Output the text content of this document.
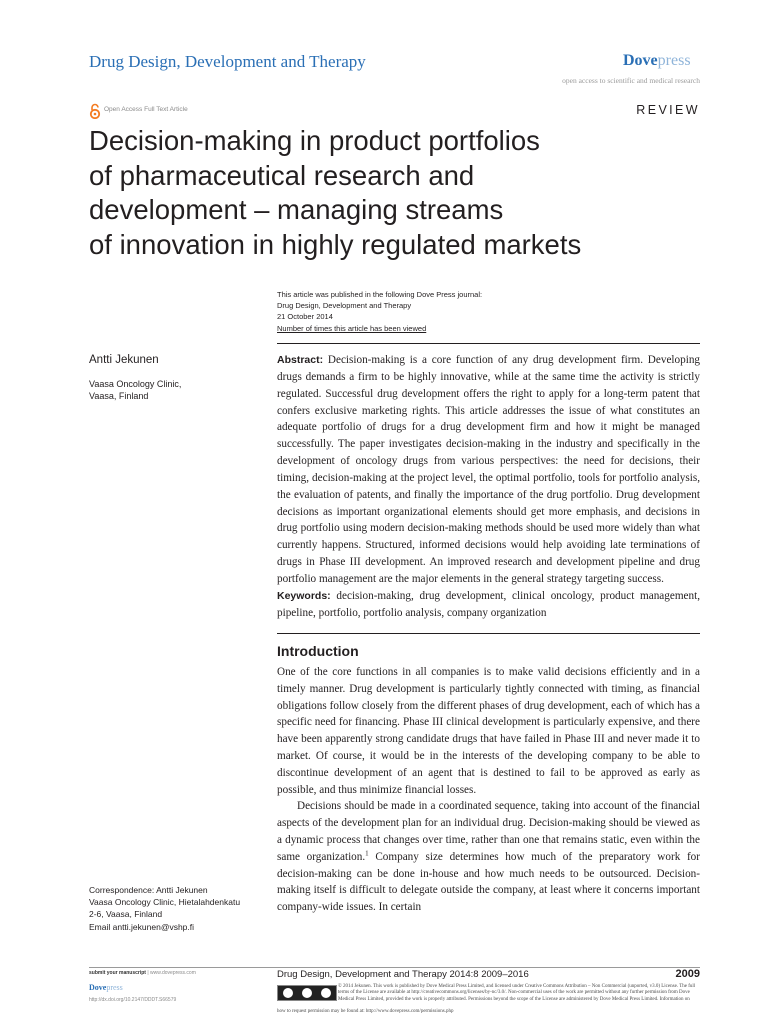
Drug Design, Development and Therapy	Dovepress
open access to scientific and medical research
Open Access Full Text Article	REVIEW
Decision-making in product portfolios
of pharmaceutical research and
development – managing streams
of innovation in highly regulated markets
This article was published in the following Dove Press journal:
Drug Design, Development and Therapy
21 October 2014
Number of times this article has been viewed
Antti Jekunen
Vaasa Oncology Clinic,
Vaasa, Finland
Abstract: Decision-making is a core function of any drug development firm. Developing drugs demands a firm to be highly innovative, while at the same time the activity is strictly regulated. Successful drug development offers the right to apply for a long-term patent that confers exclusive marketing rights. This article addresses the issue of what constitutes an adequate portfolio of drugs for a drug development firm and how it might be managed successfully. The paper investigates decision-making in the industry and specifically in the development of oncology drugs from various perspectives: the need for decisions, their timing, decision-making at the project level, the optimal portfolio, tools for portfolio analysis, the evaluation of patents, and finally the importance of the drug portfolio. Drug development decisions as important organizational elements should get more emphasis, and decisions in drug portfolio using modern decision-making methods should be used more widely than what currently happens. Structured, informed decisions would help avoiding late terminations of drugs in Phase III development. An improved research and development pipeline and drug portfolio management are the major elements in the general strategy targeting success.
Keywords: decision-making, drug development, clinical oncology, product management, pipeline, portfolio, portfolio analysis, company organization
Introduction

One of the core functions in all companies is to make valid decisions efficiently and in a timely manner. Drug development is particularly tightly connected with timing, as financial obligations follow closely from the different phases of drug development, each of which has a specific need for financing. Phase III clinical development is particularly expensive, and there have been apparently strong candidate drugs that have failed in Phase III and never made it to market. Of course, it would be in the interests of the developing company to be able to discontinue development of an agent that is destined to fail to be approved as early as possible, and thus minimize financial losses.

Decisions should be made in a coordinated sequence, taking into account of the financial aspects of the development plan for an individual drug. Decision-making should be viewed as a dynamic process that changes over time, rather than one that remains static, even within the same organization.$^1$ Company size determines how much of the preparatory work for decision-making can be done in-house and how much needs to be outsourced. Decision-making itself is difficult to delegate outside the company, at least where it concerns important company-wide issues. In certain

Correspondence: Antti Jekunen
Vaasa Oncology Clinic, Hietalahdenkatu
2-6, Vaasa, Finland
Email antti.jekunen@vshp.fi
submit your manuscript | www.dovepress.com
Dovepress
http://dx.doi.org/10.2147/DDDT.S66579
Drug Design, Development and Therapy 2014:8 2009–2016	2009
© 2014 Jekunen. This work is published by Dove Medical Press Limited, and licensed under Creative Commons Attribution – Non Commercial (unported, v3.0) License. The full terms of the License are available at http://creativecommons.org/licenses/by-nc/3.0/. Non-commercial uses of the work are permitted without any further permission from Dove Medical Press Limited, provided the work is properly attributed. Permissions beyond the scope of the License are administered by Dove Medical Press Limited. Information on
how to request permission may be found at: http://www.dovepress.com/permissions.php
